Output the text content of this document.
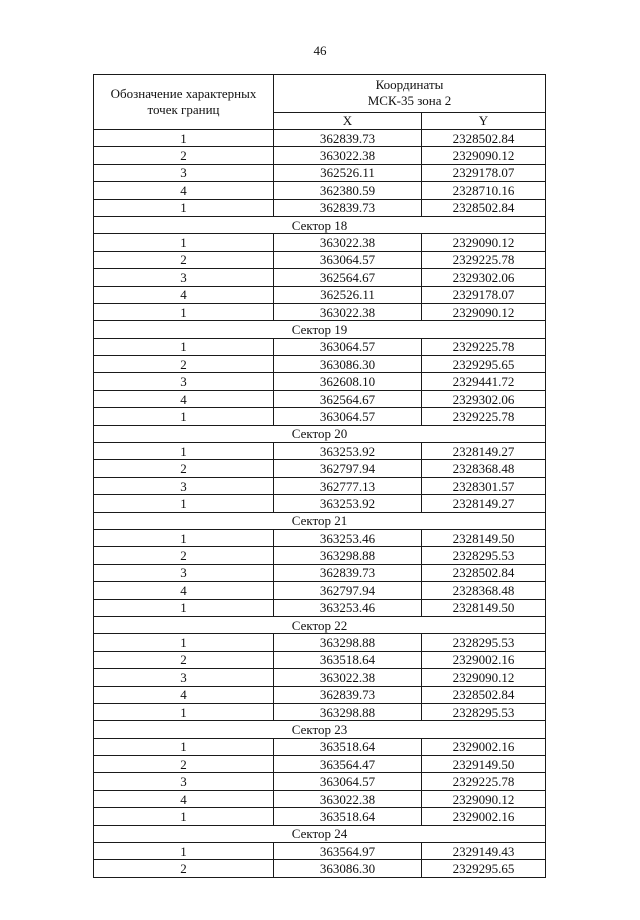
46
Обозначение характерных
точек границ	Координаты
МСК-35 зона 2	

	X	Y
1	362839.73	2328502.84
2	363022.38	2329090.12
3	362526.11	2329178.07
4	362380.59	2328710.16
1	362839.73	2328502.84
Сектор 18		
1	363022.38	2329090.12
2	363064.57	2329225.78
3	362564.67	2329302.06
4	362526.11	2329178.07
1	363022.38	2329090.12
Сектор 19		
1	363064.57	2329225.78
2	363086.30	2329295.65
3	362608.10	2329441.72
4	362564.67	2329302.06
1	363064.57	2329225.78
Сектор 20		
1	363253.92	2328149.27
2	362797.94	2328368.48
3	362777.13	2328301.57
1	363253.92	2328149.27
Сектор 21		
1	363253.46	2328149.50
2	363298.88	2328295.53
3	362839.73	2328502.84
4	362797.94	2328368.48
1	363253.46	2328149.50
Сектор 22		
1	363298.88	2328295.53
2	363518.64	2329002.16
3	363022.38	2329090.12
4	362839.73	2328502.84
1	363298.88	2328295.53
Сектор 23		
1	363518.64	2329002.16
2	363564.47	2329149.50
3	363064.57	2329225.78
4	363022.38	2329090.12
1	363518.64	2329002.16
Сектор 24		
1	363564.97	2329149.43
2	363086.30	2329295.65
